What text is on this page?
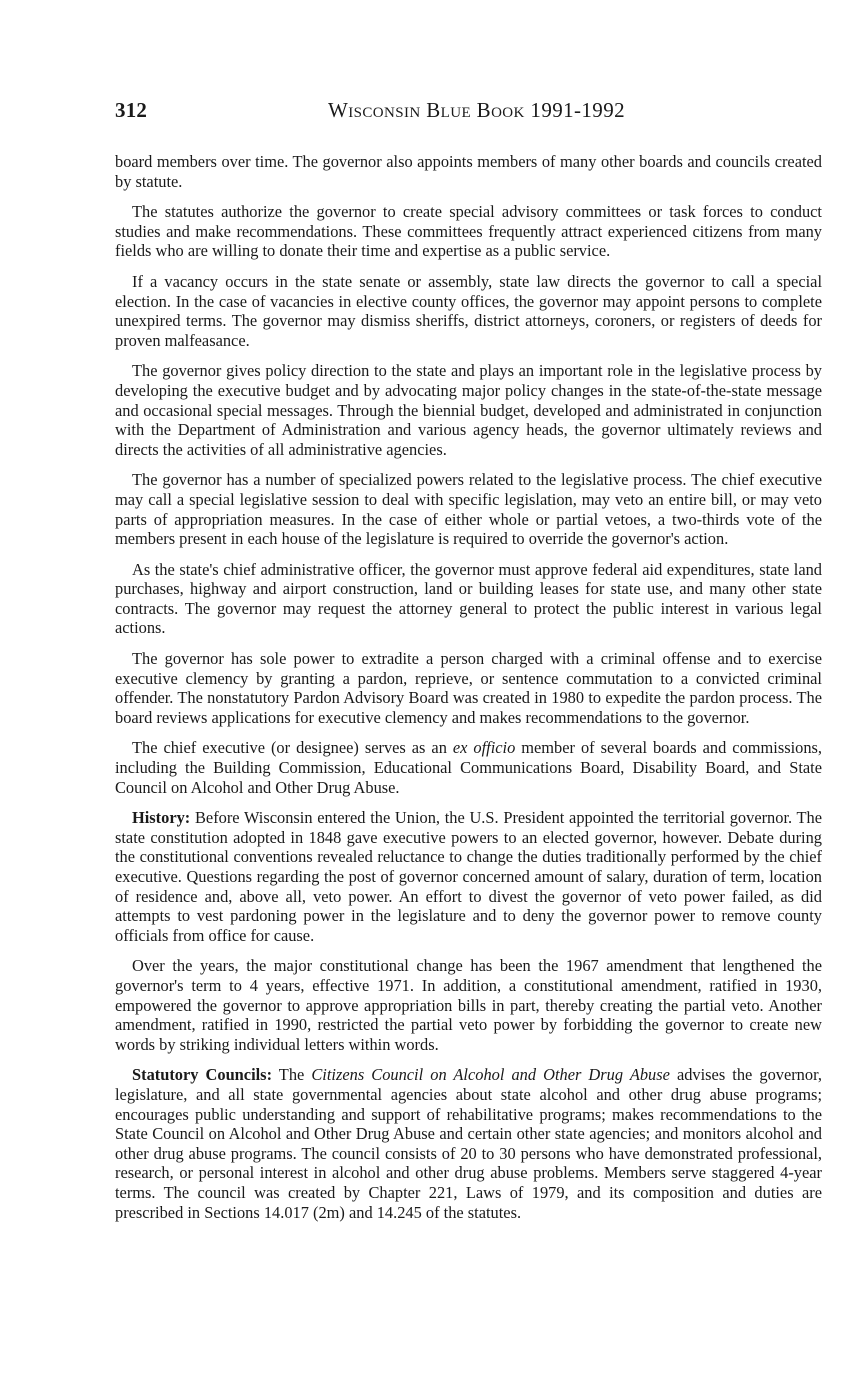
312	Wisconsin Blue Book 1991-1992

board members over time. The governor also appoints members of many other boards and councils created by statute.

The statutes authorize the governor to create special advisory committees or task forces to conduct studies and make recommendations. These committees frequently attract experienced citizens from many fields who are willing to donate their time and expertise as a public service.

If a vacancy occurs in the state senate or assembly, state law directs the governor to call a special election. In the case of vacancies in elective county offices, the governor may appoint persons to complete unexpired terms. The governor may dismiss sheriffs, district attorneys, coroners, or registers of deeds for proven malfeasance.

The governor gives policy direction to the state and plays an important role in the legislative process by developing the executive budget and by advocating major policy changes in the state-of-the-state message and occasional special messages. Through the biennial budget, developed and administrated in conjunction with the Department of Administration and various agency heads, the governor ultimately reviews and directs the activities of all administrative agencies.

The governor has a number of specialized powers related to the legislative process. The chief executive may call a special legislative session to deal with specific legislation, may veto an entire bill, or may veto parts of appropriation measures. In the case of either whole or partial vetoes, a two-thirds vote of the members present in each house of the legislature is required to override the governor's action.

As the state's chief administrative officer, the governor must approve federal aid expenditures, state land purchases, highway and airport construction, land or building leases for state use, and many other state contracts. The governor may request the attorney general to protect the public interest in various legal actions.

The governor has sole power to extradite a person charged with a criminal offense and to exercise executive clemency by granting a pardon, reprieve, or sentence commutation to a convicted criminal offender. The nonstatutory Pardon Advisory Board was created in 1980 to expedite the pardon process. The board reviews applications for executive clemency and makes recommendations to the governor.

The chief executive (or designee) serves as an ex officio member of several boards and commissions, including the Building Commission, Educational Communications Board, Disability Board, and State Council on Alcohol and Other Drug Abuse.

History: Before Wisconsin entered the Union, the U.S. President appointed the territorial governor. The state constitution adopted in 1848 gave executive powers to an elected governor, however. Debate during the constitutional conventions revealed reluctance to change the duties traditionally performed by the chief executive. Questions regarding the post of governor concerned amount of salary, duration of term, location of residence and, above all, veto power. An effort to divest the governor of veto power failed, as did attempts to vest pardoning power in the legislature and to deny the governor power to remove county officials from office for cause.

Over the years, the major constitutional change has been the 1967 amendment that lengthened the governor's term to 4 years, effective 1971. In addition, a constitutional amendment, ratified in 1930, empowered the governor to approve appropriation bills in part, thereby creating the partial veto. Another amendment, ratified in 1990, restricted the partial veto power by forbidding the governor to create new words by striking individual letters within words.

Statutory Councils: The Citizens Council on Alcohol and Other Drug Abuse advises the governor, legislature, and all state governmental agencies about state alcohol and other drug abuse programs; encourages public understanding and support of rehabilitative programs; makes recommendations to the State Council on Alcohol and Other Drug Abuse and certain other state agencies; and monitors alcohol and other drug abuse programs. The council consists of 20 to 30 persons who have demonstrated professional, research, or personal interest in alcohol and other drug abuse problems. Members serve staggered 4-year terms. The council was created by Chapter 221, Laws of 1979, and its composition and duties are prescribed in Sections 14.017 (2m) and 14.245 of the statutes.
